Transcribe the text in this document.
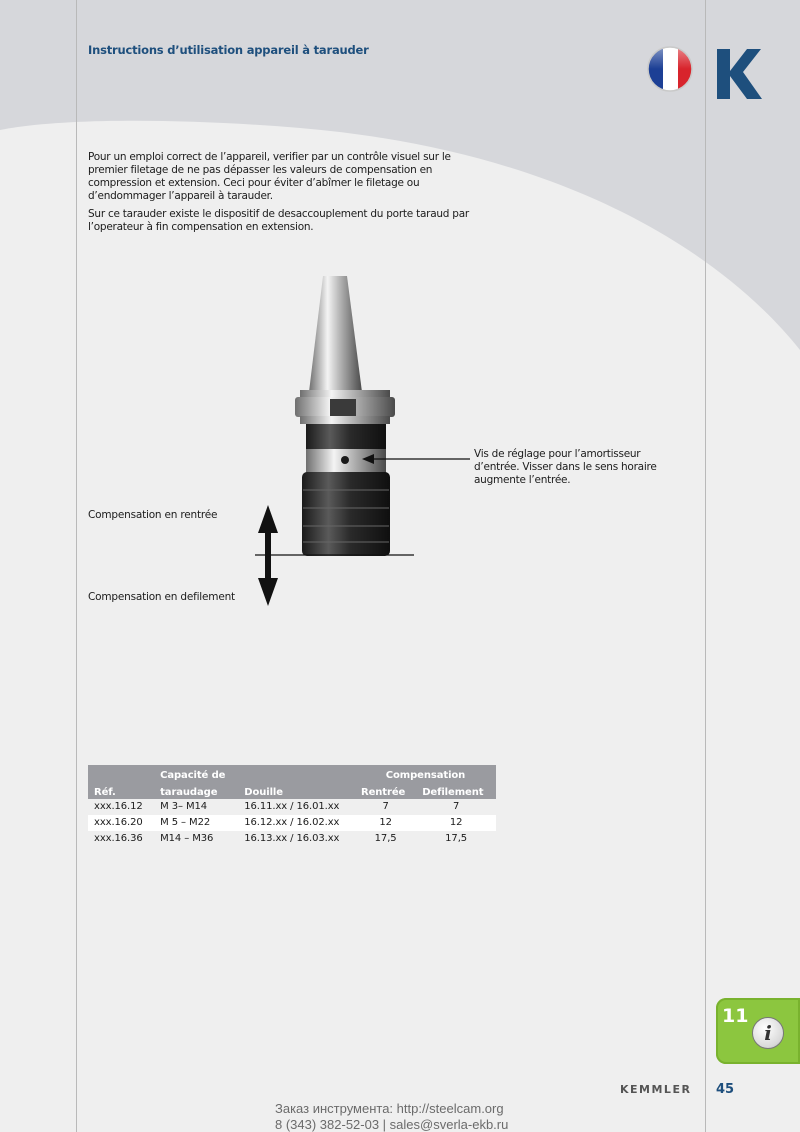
Instructions d’utilisation appareil à tarauder
Pour un emploi correct de l’appareil, verifier par un contrôle visuel sur le premier filetage de ne pas dépasser les valeurs de compensation en compression et extension. Ceci pour éviter d’abîmer le filetage ou d’endommager l’appareil à tarauder.
Sur ce tarauder existe le dispositif de desaccouplement du porte taraud par l’operateur à fin compensation en extension.
Vis de réglage pour l’amortisseur d’entrée. Visser dans le sens horaire augmente l’entrée.
Compensation en rentrée
Compensation en defilement
	Capacité de		Compensation	
Réf.	taraudage	Douille	Rentrée	Defilement
xxx.16.12	M 3– M14	16.11.xx / 16.01.xx	7	7
xxx.16.20	M 5 – M22	16.12.xx / 16.02.xx	12	12
xxx.16.36	M14 – M36	16.13.xx / 16.03.xx	17,5	17,5
11
i
KEMMLER 45
Заказ инструмента: http://steelcam.org
8 (343) 382-52-03 | sales@sverla-ekb.ru
